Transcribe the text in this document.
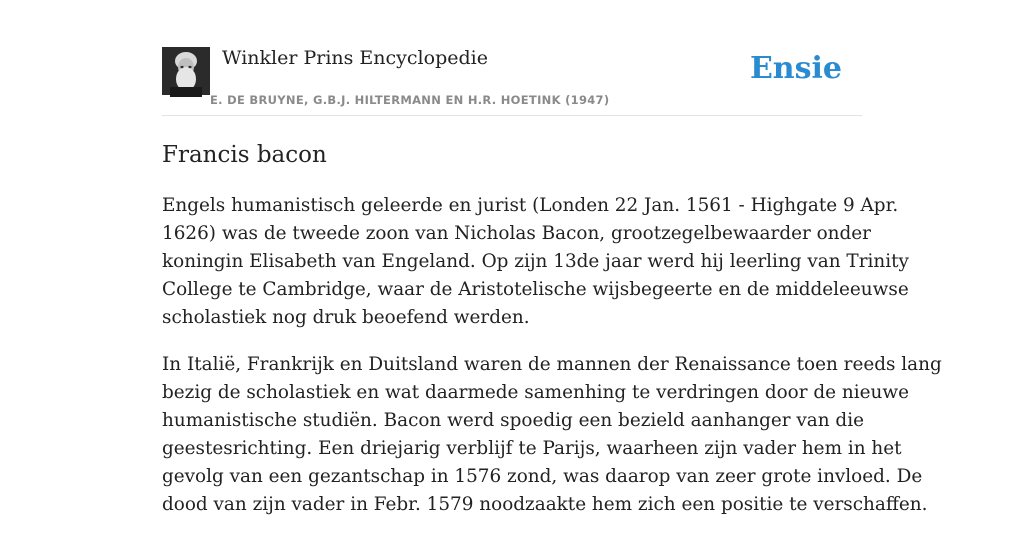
Winkler Prins Encyclopedie
E. DE BRUYNE, G.B.J. HILTERMANN EN H.R. HOETINK (1947)
Ensie
Francis bacon

Engels humanistisch geleerde en jurist (Londen 22 Jan. 1561 - Highgate 9 Apr.
1626) was de tweede zoon van Nicholas Bacon, grootzegelbewaarder onder
koningin Elisabeth van Engeland. Op zijn 13de jaar werd hij leerling van Trinity
College te Cambridge, waar de Aristotelische wijsbegeerte en de middeleeuwse
scholastiek nog druk beoefend werden.

In Italië, Frankrijk en Duitsland waren de mannen der Renaissance toen reeds lang
bezig de scholastiek en wat daarmede samenhing te verdringen door de nieuwe
humanistische studiën. Bacon werd spoedig een bezield aanhanger van die
geestesrichting. Een driejarig verblijf te Parijs, waarheen zijn vader hem in het
gevolg van een gezantschap in 1576 zond, was daarop van zeer grote invloed. De
dood van zijn vader in Febr. 1579 noodzaakte hem zich een positie te verschaffen.
